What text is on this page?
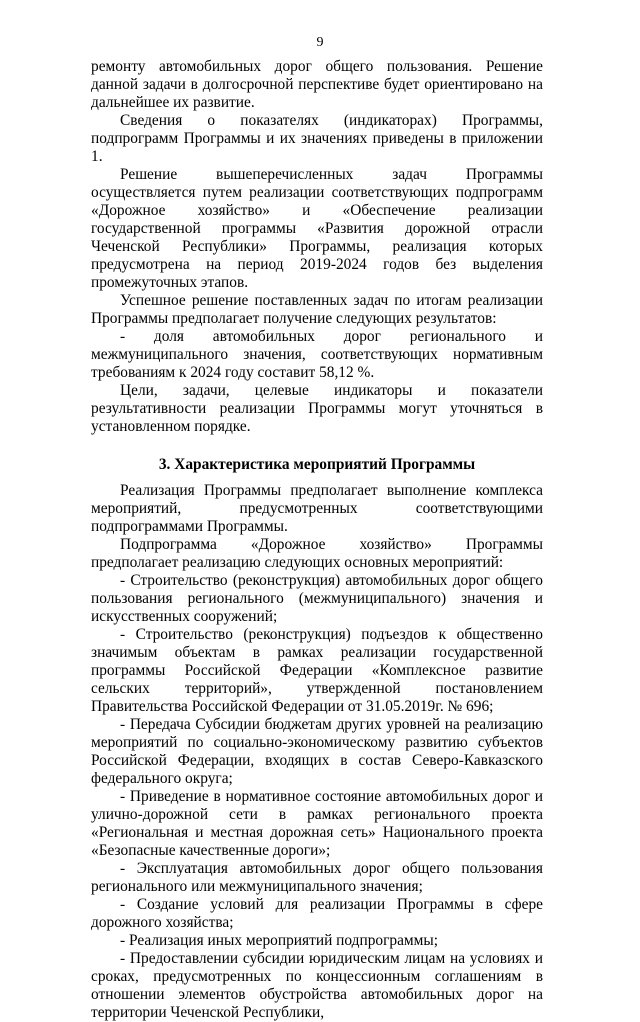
9

ремонту автомобильных дорог общего пользования. Решение данной задачи в долгосрочной перспективе будет ориентировано на дальнейшее их развитие.

Сведения о показателях (индикаторах) Программы, подпрограмм Программы и их значениях приведены в приложении 1.

Решение вышеперечисленных задач Программы осуществляется путем реализации соответствующих подпрограмм «Дорожное хозяйство» и «Обеспечение реализации государственной программы «Развития дорожной отрасли Чеченской Республики» Программы, реализация которых предусмотрена на период 2019-2024 годов без выделения промежуточных этапов.

Успешное решение поставленных задач по итогам реализации Программы предполагает получение следующих результатов:

- доля автомобильных дорог регионального и межмуниципального значения, соответствующих нормативным требованиям к 2024 году составит 58,12 %.

Цели, задачи, целевые индикаторы и показатели результативности реализации Программы могут уточняться в установленном порядке.

3. Характеристика мероприятий Программы

Реализация Программы предполагает выполнение комплекса мероприятий, предусмотренных соответствующими подпрограммами Программы.

Подпрограмма «Дорожное хозяйство» Программы предполагает реализацию следующих основных мероприятий:

- Строительство (реконструкция) автомобильных дорог общего пользования регионального (межмуниципального) значения и искусственных сооружений;

- Строительство (реконструкция) подъездов к общественно значимым объектам в рамках реализации государственной программы Российской Федерации «Комплексное развитие сельских территорий», утвержденной постановлением Правительства Российской Федерации от 31.05.2019г. № 696;

- Передача Субсидии бюджетам других уровней на реализацию мероприятий по социально-экономическому развитию субъектов Российской Федерации, входящих в состав Северо-Кавказского федерального округа;

- Приведение в нормативное состояние автомобильных дорог и улично-дорожной сети в рамках регионального проекта «Региональная и местная дорожная сеть» Национального проекта «Безопасные качественные дороги»;

- Эксплуатация автомобильных дорог общего пользования регионального или межмуниципального значения;

- Создание условий для реализации Программы в сфере дорожного хозяйства;

- Реализация иных мероприятий подпрограммы;

- Предоставлении субсидии юридическим лицам на условиях и сроках, предусмотренных по концессионным соглашениям в отношении элементов обустройства автомобильных дорог на территории Чеченской Республики,
